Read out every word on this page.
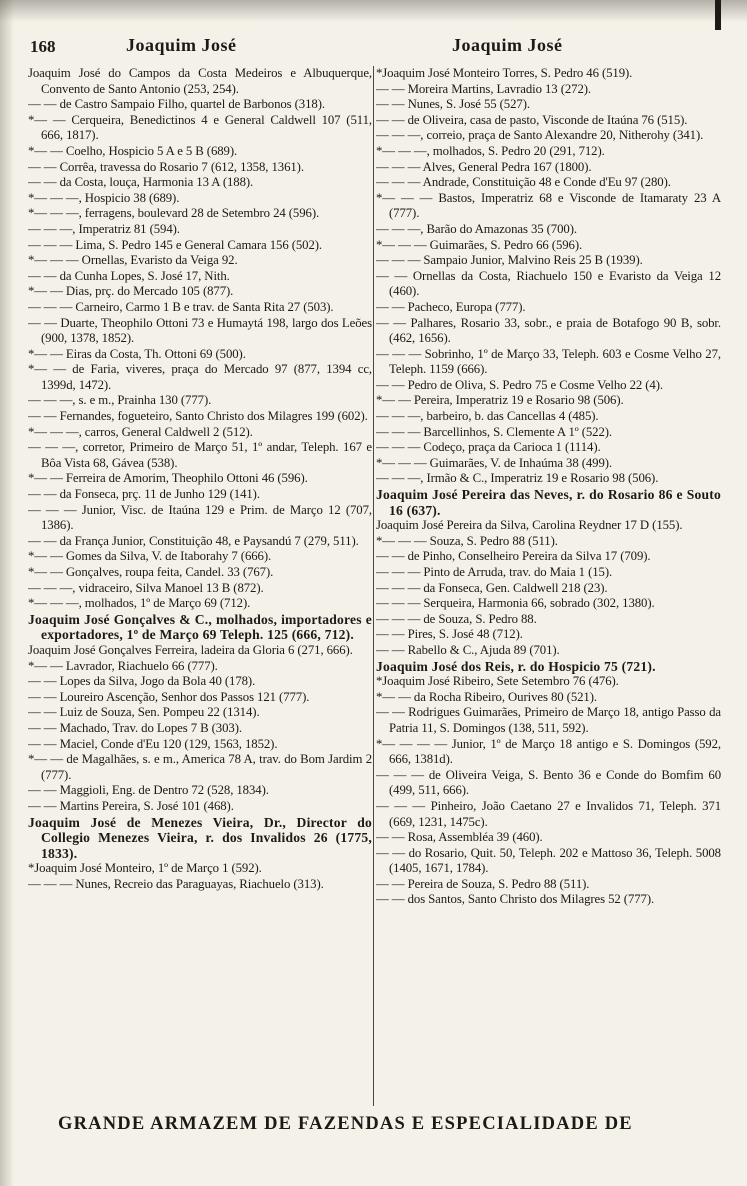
168	Joaquim José	Joaquim José

Joaquim José do Campos da Costa Medeiros e Albuquerque, Convento de Santo Antonio (253, 254).

— — de Castro Sampaio Filho, quartel de Barbonos (318).

*— — Cerqueira, Benedictinos 4 e General Caldwell 107 (511, 666, 1817).

*— — Coelho, Hospicio 5 A e 5 B (689).

— — Corrêa, travessa do Rosario 7 (612, 1358, 1361).

— — da Costa, louça, Harmonia 13 A (188).

*— — —, Hospicio 38 (689).

*— — —, ferragens, boulevard 28 de Setembro 24 (596).

— — —, Imperatriz 81 (594).

— — — Lima, S. Pedro 145 e General Camara 156 (502).

*— — — Ornellas, Evaristo da Veiga 92.

— — da Cunha Lopes, S. José 17, Nith.

*— — Dias, prç. do Mercado 105 (877).

— — — Carneiro, Carmo 1 B e trav. de Santa Rita 27 (503).

— — Duarte, Theophilo Ottoni 73 e Humaytá 198, largo dos Leões (900, 1378, 1852).

*— — Eiras da Costa, Th. Ottoni 69 (500).

*— — de Faria, viveres, praça do Mercado 97 (877, 1394 cc, 1399d, 1472).

— — —, s. e m., Prainha 130 (777).

— — Fernandes, fogueteiro, Santo Christo dos Milagres 199 (602).

*— — —, carros, General Caldwell 2 (512).

— — —, corretor, Primeiro de Março 51, 1º andar, Teleph. 167 e Bôa Vista 68, Gávea (538).

*— — Ferreira de Amorim, Theophilo Ottoni 46 (596).

— — da Fonseca, prç. 11 de Junho 129 (141).

— — — Junior, Visc. de Itaúna 129 e Prim. de Março 12 (707, 1386).

— — da França Junior, Constituição 48, e Paysandú 7 (279, 511).

*— — Gomes da Silva, V. de Itaborahy 7 (666).

*— — Gonçalves, roupa feita, Candel. 33 (767).

— — —, vidraceiro, Silva Manoel 13 B (872).

*— — —, molhados, 1º de Março 69 (712).

Joaquim José Gonçalves & C., molhados, importadores e exportadores, 1º de Março 69 Teleph. 125 (666, 712).

Joaquim José Gonçalves Ferreira, ladeira da Gloria 6 (271, 666).

*— — Lavrador, Riachuelo 66 (777).

— — Lopes da Silva, Jogo da Bola 40 (178).

— — Loureiro Ascenção, Senhor dos Passos 121 (777).

— — Luiz de Souza, Sen. Pompeu 22 (1314).

— — Machado, Trav. do Lopes 7 B (303).

— — Maciel, Conde d'Eu 120 (129, 1563, 1852).

*— — de Magalhães, s. e m., America 78 A, trav. do Bom Jardim 2 (777).

— — Maggioli, Eng. de Dentro 72 (528, 1834).

— — Martins Pereira, S. José 101 (468).

Joaquim José de Menezes Vieira, Dr., Director do Collegio Menezes Vieira, r. dos Invalidos 26 (1775, 1833).

*Joaquim José Monteiro, 1º de Março 1 (592).

— — — Nunes, Recreio das Paraguayas, Riachuelo (313).

*Joaquim José Monteiro Torres, S. Pedro 46 (519).

— — Moreira Martins, Lavradio 13 (272).

— — Nunes, S. José 55 (527).

— — de Oliveira, casa de pasto, Visconde de Itaúna 76 (515).

— — —, correio, praça de Santo Alexandre 20, Nitherohy (341).

*— — —, molhados, S. Pedro 20 (291, 712).

— — — Alves, General Pedra 167 (1800).

— — — Andrade, Constituição 48 e Conde d'Eu 97 (280).

*— — — Bastos, Imperatriz 68 e Visconde de Itamaraty 23 A (777).

— — —, Barão do Amazonas 35 (700).

*— — — Guimarães, S. Pedro 66 (596).

— — — Sampaio Junior, Malvino Reis 25 B (1939).

— — Ornellas da Costa, Riachuelo 150 e Evaristo da Veiga 12 (460).

— — Pacheco, Europa (777).

— — Palhares, Rosario 33, sobr., e praia de Botafogo 90 B, sobr. (462, 1656).

— — — Sobrinho, 1º de Março 33, Teleph. 603 e Cosme Velho 27, Teleph. 1159 (666).

— — Pedro de Oliva, S. Pedro 75 e Cosme Velho 22 (4).

*— — Pereira, Imperatriz 19 e Rosario 98 (506).

— — —, barbeiro, b. das Cancellas 4 (485).

— — — Barcellinhos, S. Clemente A 1º (522).

— — — Codeço, praça da Carioca 1 (1114).

*— — — Guimarães, V. de Inhaúma 38 (499).

— — —, Irmão & C., Imperatriz 19 e Rosario 98 (506).

Joaquim José Pereira das Neves, r. do Rosario 86 e Souto 16 (637).

Joaquim José Pereira da Silva, Carolina Reydner 17 D (155).

*— — — Souza, S. Pedro 88 (511).

— — de Pinho, Conselheiro Pereira da Silva 17 (709).

— — — Pinto de Arruda, trav. do Maia 1 (15).

— — — da Fonseca, Gen. Caldwell 218 (23).

— — — Serqueira, Harmonia 66, sobrado (302, 1380).

— — — de Souza, S. Pedro 88.

— — Pires, S. José 48 (712).

— — Rabello & C., Ajuda 89 (701).

Joaquim José dos Reis, r. do Hospicio 75 (721).

*Joaquim José Ribeiro, Sete Setembro 76 (476).

*— — da Rocha Ribeiro, Ourives 80 (521).

— — Rodrigues Guimarães, Primeiro de Março 18, antigo Passo da Patria 11, S. Domingos (138, 511, 592).

*— — — — Junior, 1º de Março 18 antigo e S. Domingos (592, 666, 1381d).

— — — de Oliveira Veiga, S. Bento 36 e Conde do Bomfim 60 (499, 511, 666).

— — — Pinheiro, João Caetano 27 e Invalidos 71, Teleph. 371 (669, 1231, 1475c).

— — Rosa, Assembléa 39 (460).

— — do Rosario, Quit. 50, Teleph. 202 e Mattoso 36, Teleph. 5008 (1405, 1671, 1784).

— — Pereira de Souza, S. Pedro 88 (511).

— — dos Santos, Santo Christo dos Milagres 52 (777).

GRANDE ARMAZEM DE FAZENDAS E ESPECIALIDADE DE
